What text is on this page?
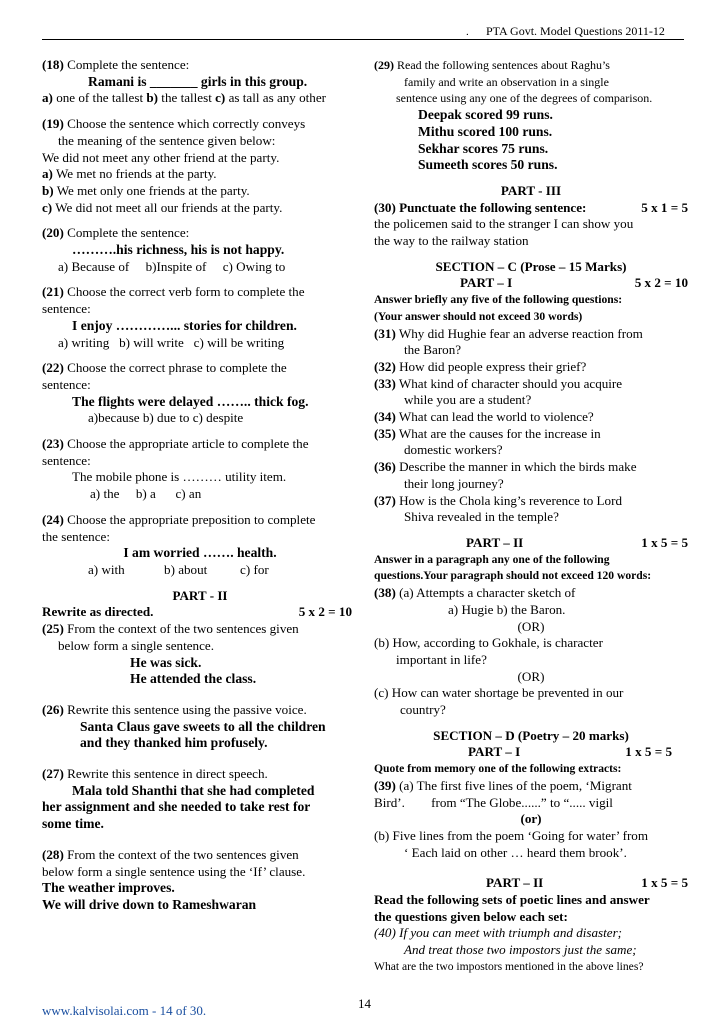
. PTA Govt. Model Questions 2011-12
(18) Complete the sentence:
Ramani is _______ girls in this group.
a) one of the tallest b) the tallest c) as tall as any other
(19) Choose the sentence which correctly conveys
the meaning of the sentence given below:
We did not meet any other friend at the party.
a) We met no friends at the party.
b) We met only one friends at the party.
c) We did not meet all our friends at the party.
(20) Complete the sentence:
……….his richness, his is not happy.
a) Because of b)Inspite of c) Owing to
(21) Choose the correct verb form to complete the
sentence:
I enjoy …………... stories for children.
a) writing b) will write c) will be writing
(22) Choose the correct phrase to complete the
sentence:
The flights were delayed …….. thick fog.
a)because b) due to c) despite
(23) Choose the appropriate article to complete the
sentence:
The mobile phone is ……… utility item.
a) the b) a c) an
(24) Choose the appropriate preposition to complete
the sentence:
I am worried ……. health.
a) with	b) about c) for
PART - II
Rewrite as directed.	5 x 2 = 10
(25) From the context of the two sentences given
below form a single sentence.
He was sick.
He attended the class.
(26) Rewrite this sentence using the passive voice.
Santa Claus gave sweets to all the children
and they thanked him profusely.
(27) Rewrite this sentence in direct speech.
Mala told Shanthi that she had completed
her assignment and she needed to take rest for
some time.
(28) From the context of the two sentences given
below form a single sentence using the ‘If’ clause.
The weather improves.
We will drive down to Rameshwaran
(29) Read the following sentences about Raghu’s
family and write an observation in a single
sentence using any one of the degrees of comparison.
Deepak scored 99 runs.
Mithu scored 100 runs.
Sekhar scores 75 runs.
Sumeeth scores 50 runs.
PART - III
(30) Punctuate the following sentence:	5 x 1 = 5
the policemen said to the stranger I can show you
the way to the railway station
SECTION – C (Prose – 15 Marks)
PART – I	5 x 2 = 10
Answer briefly any five of the following questions:
(Your answer should not exceed 30 words)
(31) Why did Hughie fear an adverse reaction from
the Baron?
(32) How did people express their grief?
(33) What kind of character should you acquire
while you are a student?
(34) What can lead the world to violence?
(35) What are the causes for the increase in
domestic workers?
(36) Describe the manner in which the birds make
their long journey?
(37) How is the Chola king’s reverence to Lord
Shiva revealed in the temple?
PART – II	1 x 5 = 5
Answer in a paragraph any one of the following
questions.Your paragraph should not exceed 120 words:
(38) (a) Attempts a character sketch of
a) Hugie b) the Baron.
(OR)
(b) How, according to Gokhale, is character
important in life?
(OR)
(c) How can water shortage be prevented in our
country?
SECTION – D (Poetry – 20 marks)
PART – I	1 x 5 = 5
Quote from memory one of the following extracts:
(39) (a) The first five lines of the poem, ‘Migrant
Bird’. from “The Globe......” to “..... vigil
(or)
(b) Five lines from the poem ‘Going for water’ from
‘ Each laid on other … heard them brook’.
PART – II	1 x 5 = 5
Read the following sets of poetic lines and answer
the questions given below each set:
(40) If you can meet with triumph and disaster;
And treat those two impostors just the same;
What are the two impostors mentioned in the above lines?
14
www.kalvisolai.com - 14 of 30.
